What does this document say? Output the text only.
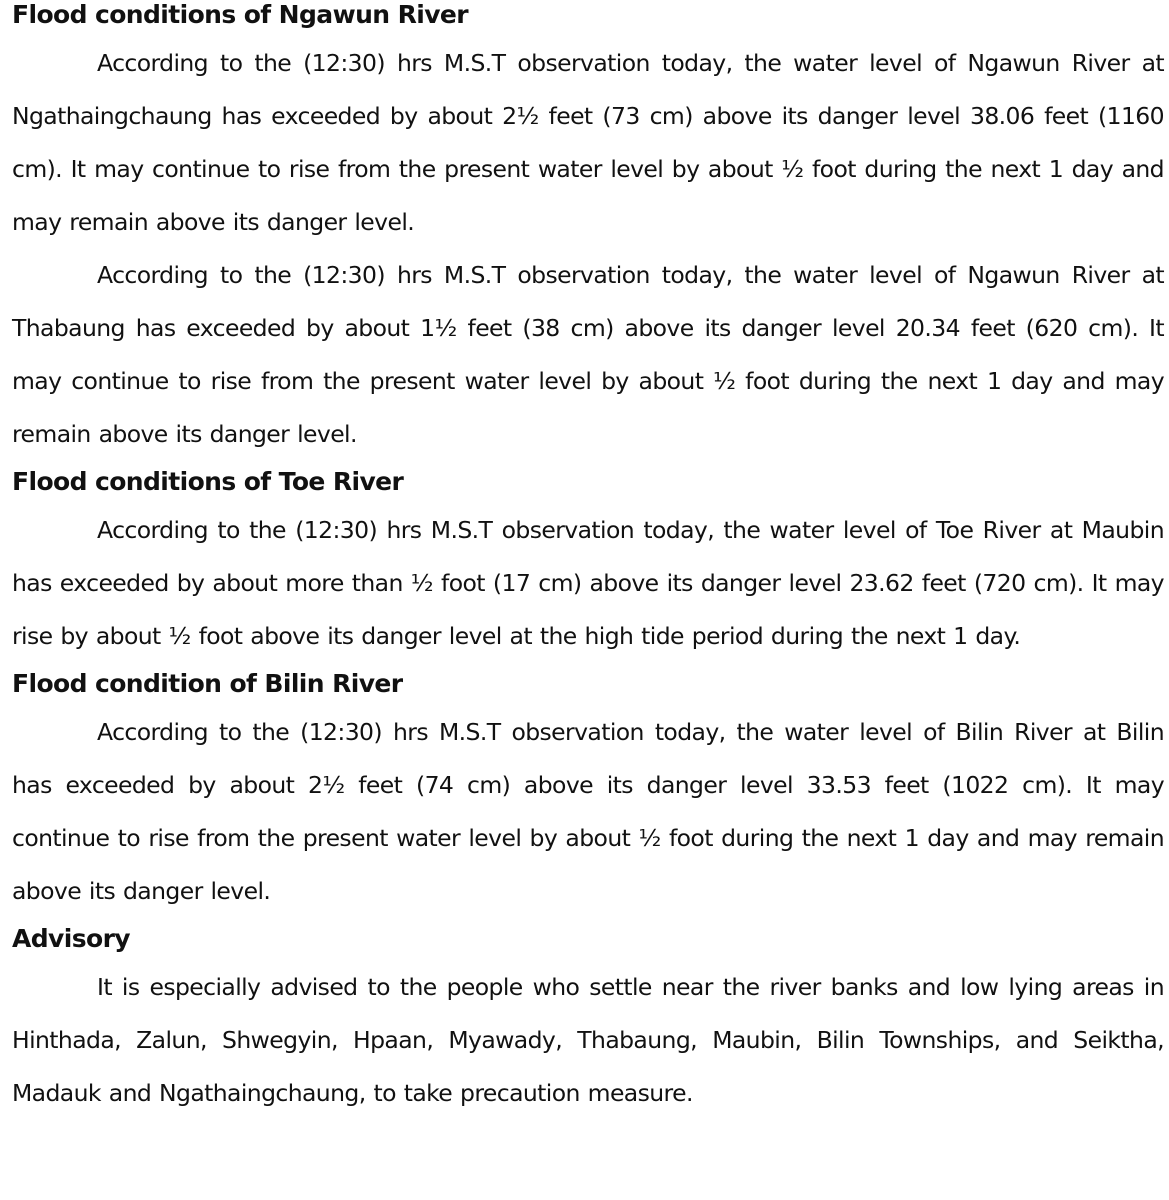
Flood conditions of Ngawun River

According to the (12:30) hrs M.S.T observation today, the water level of Ngawun River at Ngathaingchaung has exceeded by about 2½ feet (73 cm) above its danger level 38.06 feet (1160 cm). It may continue to rise from the present water level by about ½ foot during the next 1 day and may remain above its danger level.

According to the (12:30) hrs M.S.T observation today, the water level of Ngawun River at Thabaung has exceeded by about 1½ feet (38 cm) above its danger level 20.34 feet (620 cm). It may continue to rise from the present water level by about ½ foot during the next 1 day and may remain above its danger level.

Flood conditions of Toe River

According to the (12:30) hrs M.S.T observation today, the water level of Toe River at Maubin has exceeded by about more than ½ foot (17 cm) above its danger level 23.62 feet (720 cm). It may rise by about ½ foot above its danger level at the high tide period during the next 1 day.

Flood condition of Bilin River

According to the (12:30) hrs M.S.T observation today, the water level of Bilin River at Bilin has exceeded by about 2½ feet (74 cm) above its danger level 33.53 feet (1022 cm). It may continue to rise from the present water level by about ½ foot during the next 1 day and may remain above its danger level.

Advisory

It is especially advised to the people who settle near the river banks and low lying areas in Hinthada, Zalun, Shwegyin, Hpaan, Myawady, Thabaung, Maubin, Bilin Townships, and Seiktha, Madauk and Ngathaingchaung, to take precaution measure.
